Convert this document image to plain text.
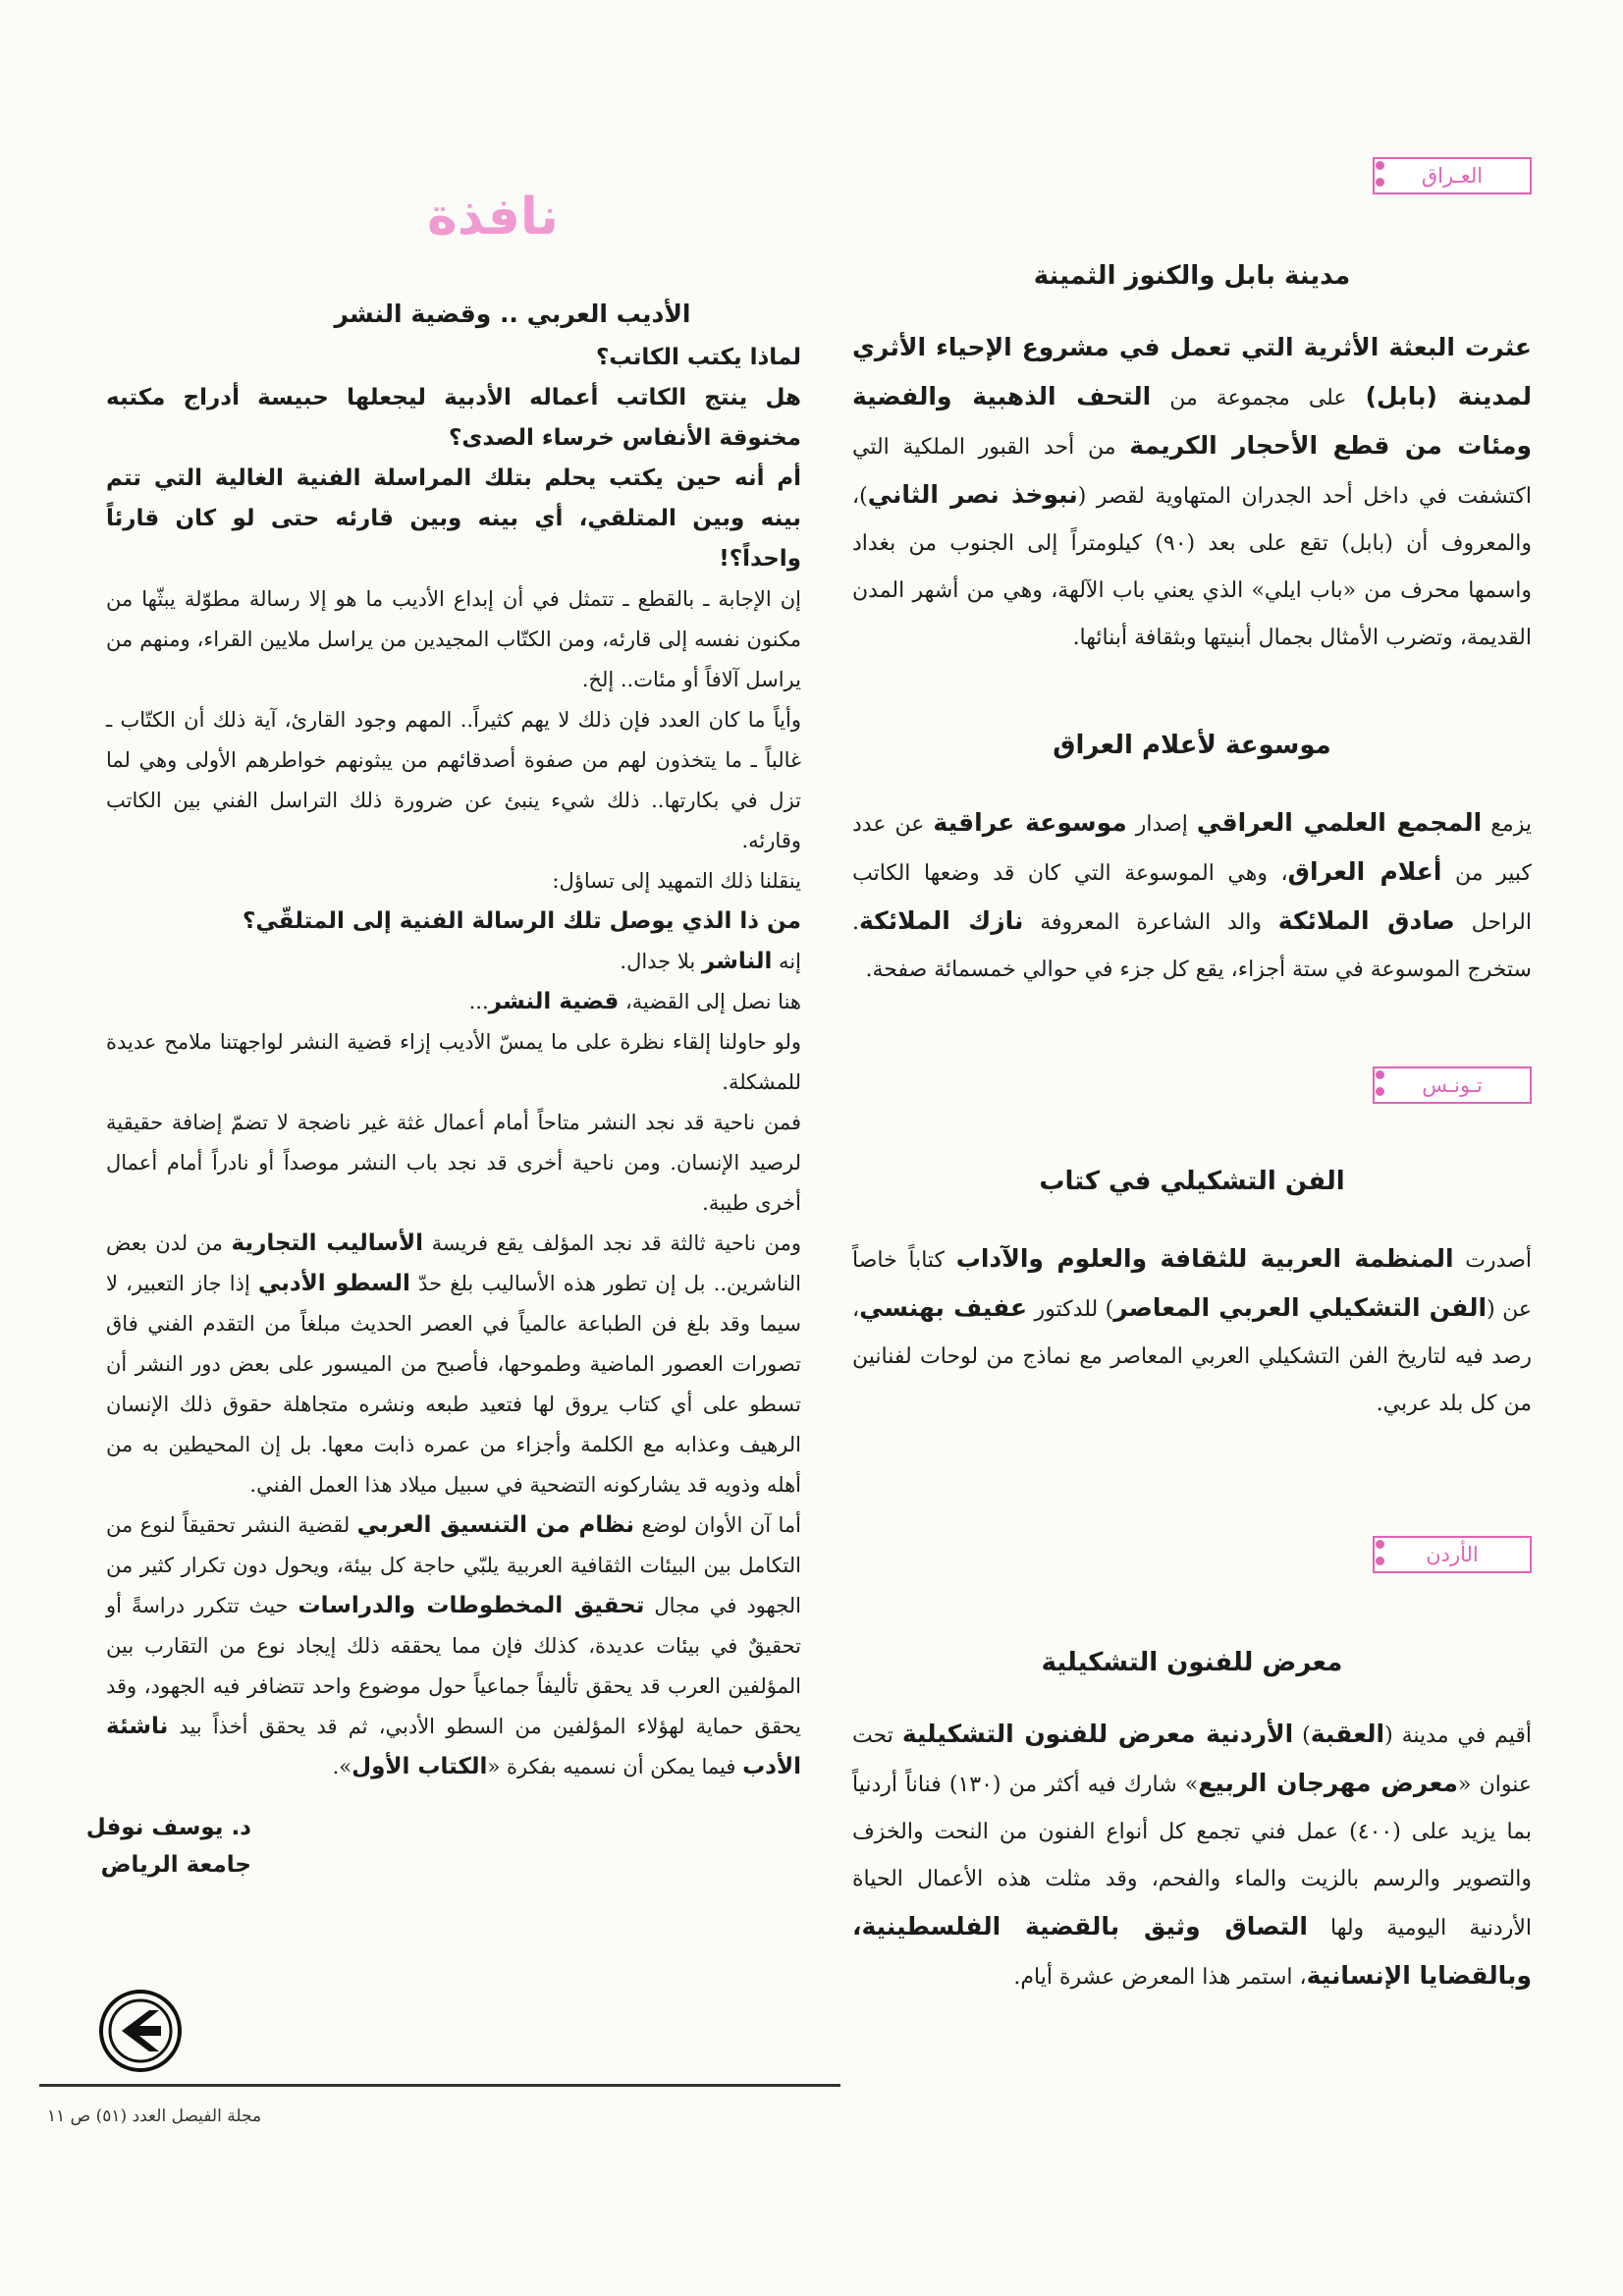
نافذة
العـراق
مدينة بابل والكنوز الثمينة

عثرت البعثة الأثرية التي تعمل في مشروع الإحياء الأثري لمدينة (بابل) على مجموعة من التحف الذهبية والفضية ومئات من قطع الأحجار الكريمة من أحد القبور الملكية التي اكتشفت في داخل أحد الجدران المتهاوية لقصر (نبوخذ نصر الثاني)، والمعروف أن (بابل) تقع على بعد (٩٠) كيلومتراً إلى الجنوب من بغداد واسمها محرف من «باب ايلي» الذي يعني باب الآلهة، وهي من أشهر المدن القديمة، وتضرب الأمثال بجمال أبنيتها وبثقافة أبنائها.

موسوعة لأعلام العراق

يزمع المجمع العلمي العراقي إصدار موسوعة عراقية عن عدد كبير من أعلام العراق، وهي الموسوعة التي كان قد وضعها الكاتب الراحل صادق الملائكة والد الشاعرة المعروفة نازك الملائكة. ستخرج الموسوعة في ستة أجزاء، يقع كل جزء في حوالي خمسمائة صفحة.

تـونـس
الفن التشكيلي في كتاب

أصدرت المنظمة العربية للثقافة والعلوم والآداب كتاباً خاصاً عن (الفن التشكيلي العربي المعاصر) للدكتور عفيف بهنسي، رصد فيه لتاريخ الفن التشكيلي العربي المعاصر مع نماذج من لوحات لفنانين من كل بلد عربي.

الأردن
معرض للفنون التشكيلية

أقيم في مدينة (العقبة) الأردنية معرض للفنون التشكيلية تحت عنوان «معرض مهرجان الربيع» شارك فيه أكثر من (١٣٠) فناناً أردنياً بما يزيد على (٤٠٠) عمل فني تجمع كل أنواع الفنون من النحت والخزف والتصوير والرسم بالزيت والماء والفحم، وقد مثلت هذه الأعمال الحياة الأردنية اليومية ولها التصاق وثيق بالقضية الفلسطينية، وبالقضايا الإنسانية، استمر هذا المعرض عشرة أيام.

الأديب العربي .. وقضية النشر

لماذا يكتب الكاتب؟

هل ينتج الكاتب أعماله الأدبية ليجعلها حبيسة أدراج مكتبه مخنوقة الأنفاس خرساء الصدى؟

أم أنه حين يكتب يحلم بتلك المراسلة الفنية الغالية التي تتم بينه وبين المتلقي، أي بينه وبين قارئه حتى لو كان قارئاً واحداً؟!

إن الإجابة ـ بالقطع ـ تتمثل في أن إبداع الأديب ما هو إلا رسالة مطوّلة يبثّها من مكنون نفسه إلى قارئه، ومن الكتّاب المجيدين من يراسل ملايين القراء، ومنهم من يراسل آلافاً أو مئات.. إلخ.

وأياً ما كان العدد فإن ذلك لا يهم كثيراً.. المهم وجود القارئ، آية ذلك أن الكتّاب ـ غالباً ـ ما يتخذون لهم من صفوة أصدقائهم من يبثونهم خواطرهم الأولى وهي لما تزل في بكارتها.. ذلك شيء ينبئ عن ضرورة ذلك التراسل الفني بين الكاتب وقارئه.

ينقلنا ذلك التمهيد إلى تساؤل:

من ذا الذي يوصل تلك الرسالة الفنية إلى المتلقّي؟

إنه الناشر بلا جدال.

هنا نصل إلى القضية، قضية النشر...

ولو حاولنا إلقاء نظرة على ما يمسّ الأديب إزاء قضية النشر لواجهتنا ملامح عديدة للمشكلة.

فمن ناحية قد نجد النشر متاحاً أمام أعمال غثة غير ناضجة لا تضمّ إضافة حقيقية لرصيد الإنسان. ومن ناحية أخرى قد نجد باب النشر موصداً أو نادراً أمام أعمال أخرى طيبة.

ومن ناحية ثالثة قد نجد المؤلف يقع فريسة الأساليب التجارية من لدن بعض الناشرين.. بل إن تطور هذه الأساليب بلغ حدّ السطو الأدبي إذا جاز التعبير، لا سيما وقد بلغ فن الطباعة عالمياً في العصر الحديث مبلغاً من التقدم الفني فاق تصورات العصور الماضية وطموحها، فأصبح من الميسور على بعض دور النشر أن تسطو على أي كتاب يروق لها فتعيد طبعه ونشره متجاهلة حقوق ذلك الإنسان الرهيف وعذابه مع الكلمة وأجزاء من عمره ذابت معها. بل إن المحيطين به من أهله وذويه قد يشاركونه التضحية في سبيل ميلاد هذا العمل الفني.

أما آن الأوان لوضع نظام من التنسيق العربي لقضية النشر تحقيقاً لنوع من التكامل بين البيئات الثقافية العربية يلبّي حاجة كل بيئة، ويحول دون تكرار كثير من الجهود في مجال تحقيق المخطوطات والدراسات حيث تتكرر دراسةً أو تحقيقٌ في بيئات عديدة، كذلك فإن مما يحققه ذلك إيجاد نوع من التقارب بين المؤلفين العرب قد يحقق تأليفاً جماعياً حول موضوع واحد تتضافر فيه الجهود، وقد يحقق حماية لهؤلاء المؤلفين من السطو الأدبي، ثم قد يحقق أخذاً بيد ناشئة الأدب فيما يمكن أن نسميه بفكرة «الكتاب الأول».

د. يوسف نوفل
جامعة الرياض
مجلة الفيصل العدد (٥١) ص ١١
